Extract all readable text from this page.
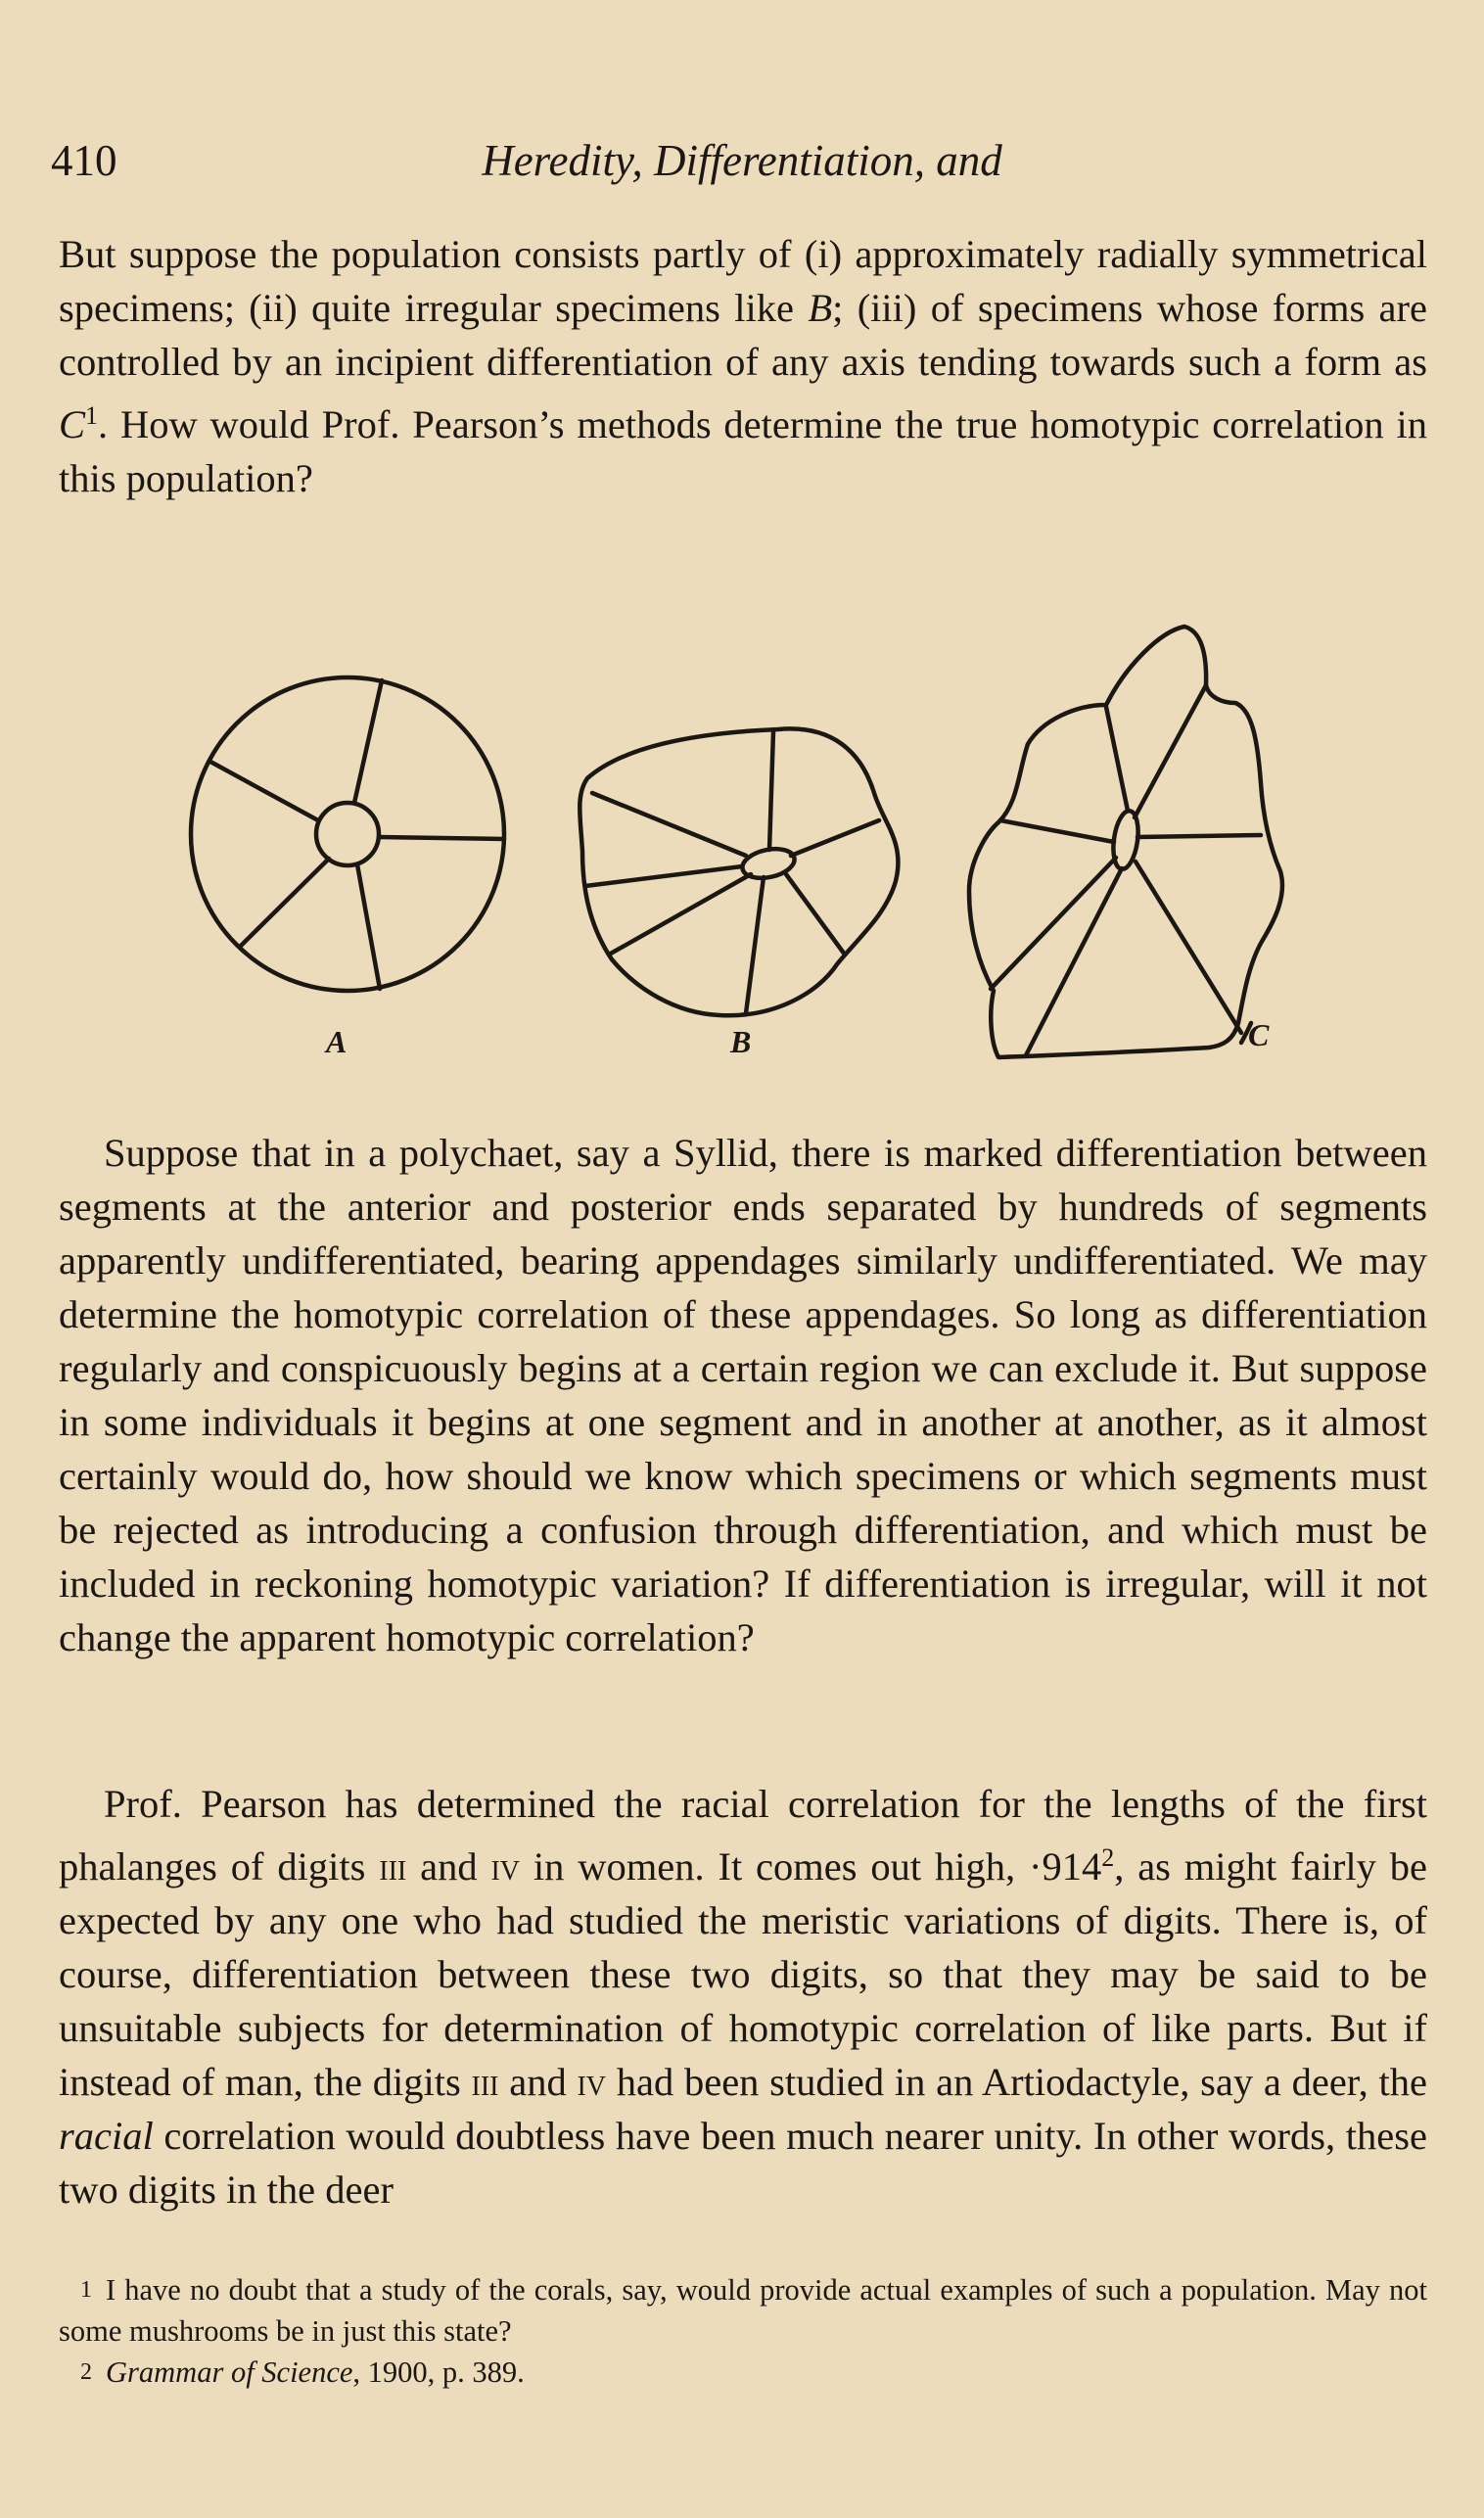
410	Heredity, Differentiation, and

But suppose the population consists partly of (i) approximately radially symmetrical specimens; (ii) quite irregular specimens like B; (iii) of specimens whose forms are controlled by an incipient differentiation of any axis tending towards such a form as $C^1$. How would Prof. Pearson’s methods determine the true homotypic correlation in this population?

A	B	C

Suppose that in a polychaet, say a Syllid, there is marked differentiation between segments at the anterior and posterior ends separated by hundreds of segments apparently undifferentiated, bearing appendages similarly undifferentiated. We may determine the homotypic correlation of these appendages. So long as differentiation regularly and conspicuously begins at a certain region we can exclude it. But suppose in some individuals it begins at one segment and in another at another, as it almost certainly would do, how should we know which specimens or which segments must be rejected as introducing a confusion through differentiation, and which must be included in reckoning homotypic variation? If differentiation is irregular, will it not change the apparent homotypic correlation?

Prof. Pearson has determined the racial correlation for the lengths of the first phalanges of digits iii and iv in women. It comes out high, $\cdot 914^2$, as might fairly be expected by any one who had studied the meristic variations of digits. There is, of course, differentiation between these two digits, so that they may be said to be unsuitable subjects for determination of homotypic correlation of like parts. But if instead of man, the digits iii and iv had been studied in an Artiodactyle, say a deer, the racial correlation would doubtless have been much nearer unity. In other words, these two digits in the deer

1 I have no doubt that a study of the corals, say, would provide actual examples of such a population. May not some mushrooms be in just this state?

2 Grammar of Science, 1900, p. 389.
